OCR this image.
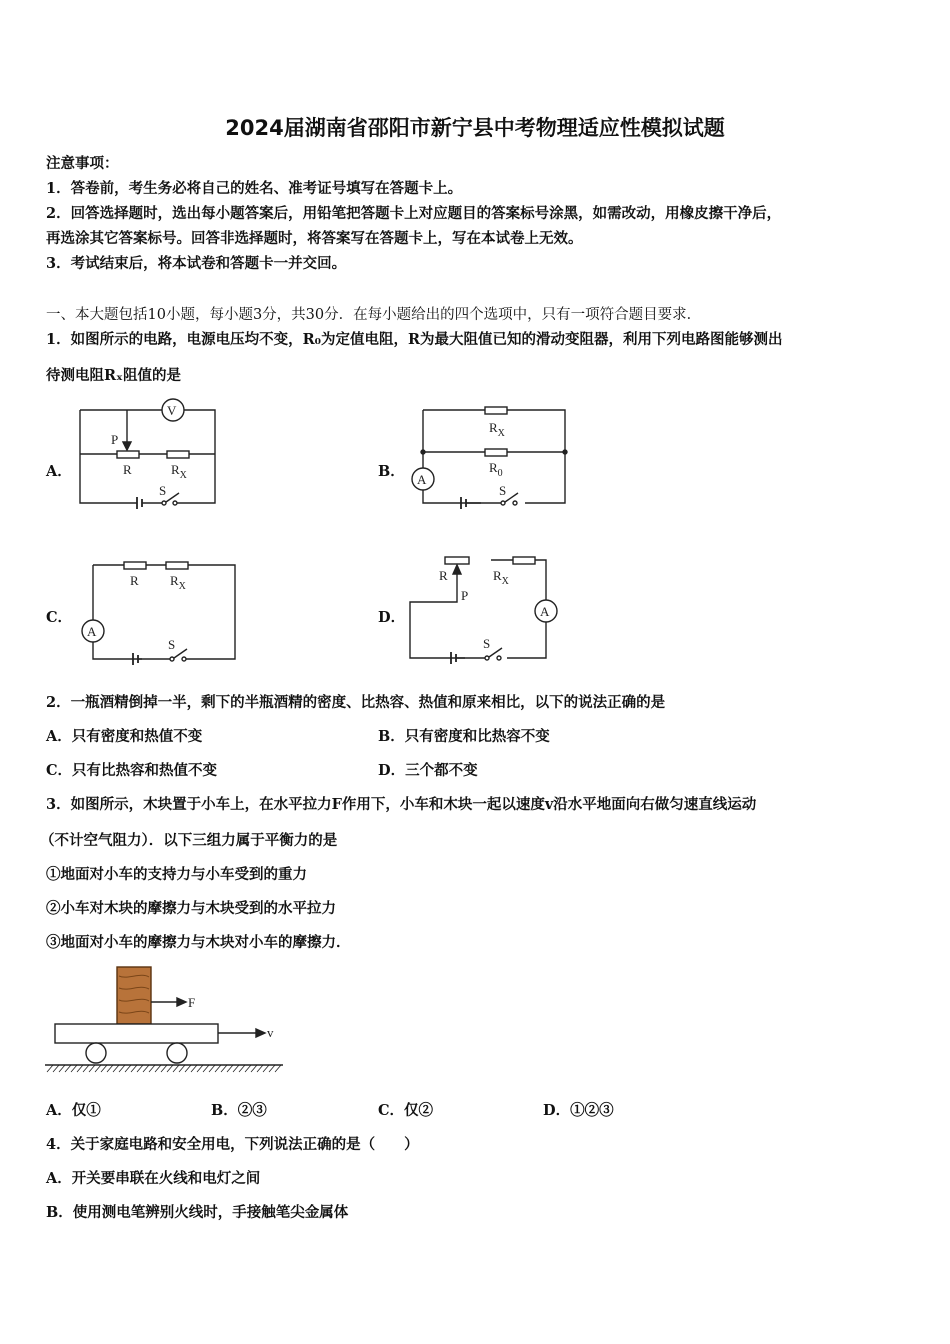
2024届湖南省邵阳市新宁县中考物理适应性模拟试题
注意事项：
1．答卷前，考生务必将自己的姓名、准考证号填写在答题卡上。
2．回答选择题时，选出每小题答案后，用铅笔把答题卡上对应题目的答案标号涂黑，如需改动，用橡皮擦干净后，
再选涂其它答案标号。回答非选择题时，将答案写在答题卡上，写在本试卷上无效。
3．考试结束后，将本试卷和答题卡一并交回。
一、本大题包括10小题，每小题3分，共30分．在每小题给出的四个选项中，只有一项符合题目要求．
1．如图所示的电路，电源电压均不变，R₀为定值电阻，R为最大阻值已知的滑动变阻器，利用下列电路图能够测出
待测电阻Rₓ阻值的是
A．	B．
C．	D．
V
P
R	$R_X$
S
$R_X$
$R_0$
A
S
R $R_X$
A
S
R
P
$R_X$
A
S
2．一瓶酒精倒掉一半，剩下的半瓶酒精的密度、比热容、热值和原来相比，以下的说法正确的是
A．只有密度和热值不变	B．只有密度和比热容不变
C．只有比热容和热值不变	D．三个都不变
3．如图所示，木块置于小车上，在水平拉力F作用下，小车和木块一起以速度v沿水平地面向右做匀速直线运动
（不计空气阻力）．以下三组力属于平衡力的是
①地面对小车的支持力与小车受到的重力
②小车对木块的摩擦力与木块受到的水平拉力
③地面对小车的摩擦力与木块对小车的摩擦力．
F
v
A．仅①	B．②③	C．仅②	D．①②③
4．关于家庭电路和安全用电，下列说法正确的是（　　）
A．开关要串联在火线和电灯之间
B．使用测电笔辨别火线时，手接触笔尖金属体
